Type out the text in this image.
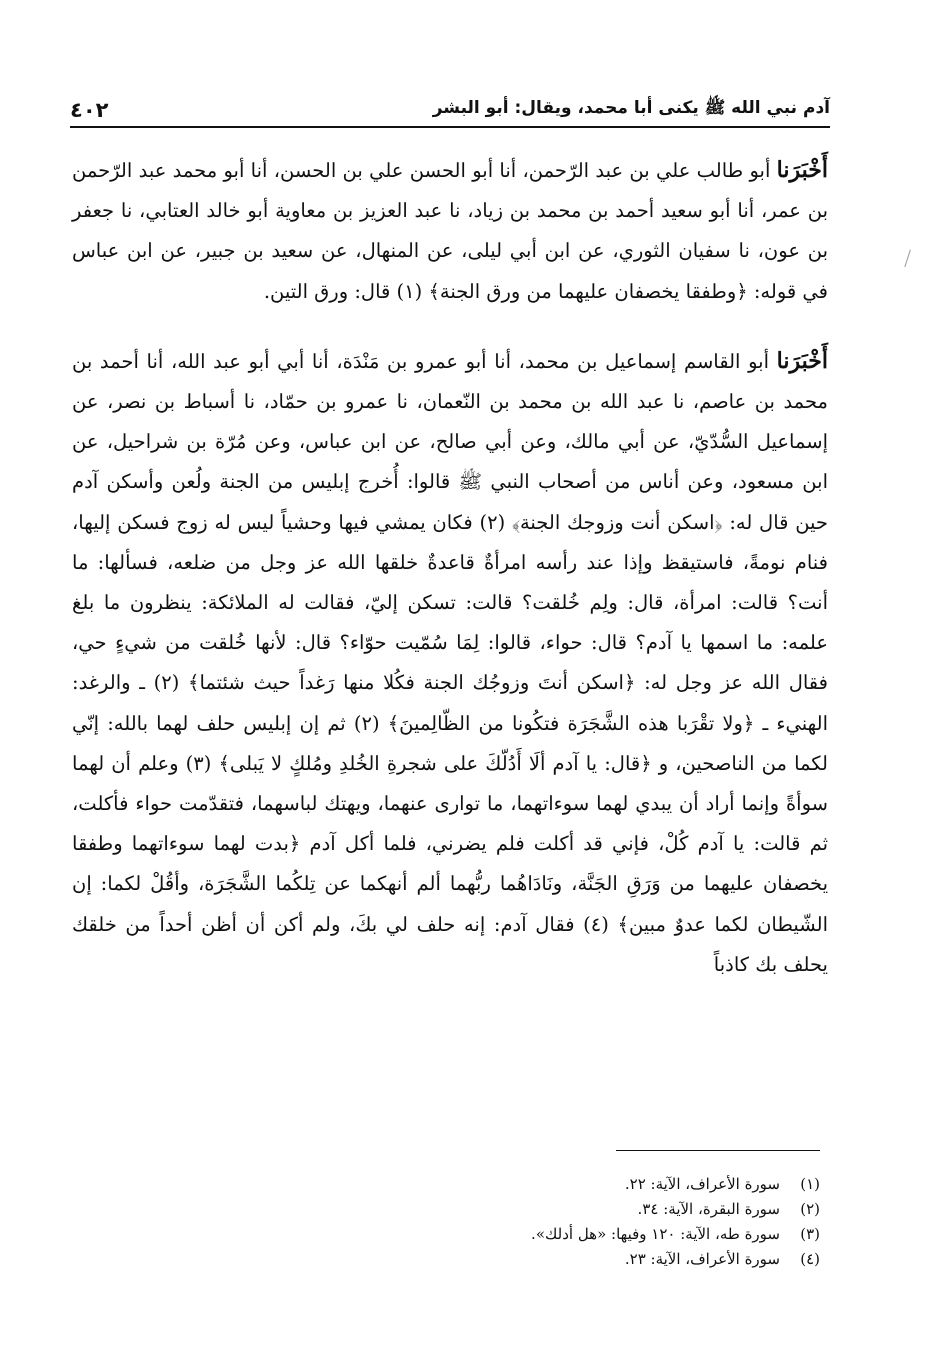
آدم نبي الله ﷺ يكنى أبا محمد، ويقال: أبو البشر
٤٠٢

أَخْبَرَنا أبو طالب علي بن عبد الرّحمن، أنا أبو الحسن علي بن الحسن، أنا أبو محمد عبد الرّحمن بن عمر، أنا أبو سعيد أحمد بن محمد بن زياد، نا عبد العزيز بن معاوية أبو خالد العتابي، نا جعفر بن عون، نا سفيان الثوري، عن ابن أبي ليلى، عن المنهال، عن سعيد بن جبير، عن ابن عباس في قوله: ﴿وطفقا يخصفان عليهما من ورق الجنة﴾ (١) قال: ورق التين.

أَخْبَرَنا أبو القاسم إسماعيل بن محمد، أنا أبو عمرو بن مَنْدَة، أنا أبي أبو عبد الله، أنا أحمد بن محمد بن عاصم، نا عبد الله بن محمد بن النّعمان، نا عمرو بن حمّاد، نا أسباط بن نصر، عن إسماعيل السُّدّيّ، عن أبي مالك، وعن أبي صالح، عن ابن عباس، وعن مُرّة بن شراحيل، عن ابن مسعود، وعن أناس من أصحاب النبي ﷺ قالوا: أُخرج إبليس من الجنة ولُعن وأسكن آدم حين قال له: ﴿اسكن أنت وزوجك الجنة﴾ (٢) فكان يمشي فيها وحشياً ليس له زوج فسكن إليها، فنام نومةً، فاستيقظ وإذا عند رأسه امرأةٌ قاعدةٌ خلقها الله عز وجل من ضلعه، فسألها: ما أنت؟ قالت: امرأة، قال: ولِم خُلقت؟ قالت: تسكن إليّ، فقالت له الملائكة: ينظرون ما بلغ علمه: ما اسمها يا آدم؟ قال: حواء، قالوا: لِمَا سُمّيت حوّاء؟ قال: لأنها خُلقت من شيءٍ حي، فقال الله عز وجل له: ﴿اسكن أنتَ وزوجُك الجنة فكُلا منها رَغداً حيث شئتما﴾ (٢) ـ والرغد: الهنيء ـ ﴿ولا تقْرَبا هذه الشَّجَرَة فتكُونا من الظّالِمينَ﴾ (٢) ثم إن إبليس حلف لهما بالله: إنّي لكما من الناصحين، و ﴿قال: يا آدم ألَا أَدُلّكَ على شجرةِ الخُلدِ ومُلكٍ لا يَبلى﴾ (٣) وعلم أن لهما سوأةً وإنما أراد أن يبدي لهما سوءاتهما، ما توارى عنهما، ويهتك لباسهما، فتقدّمت حواء فأكلت، ثم قالت: يا آدم كُلْ، فإني قد أكلت فلم يضرني، فلما أكل آدم ﴿بدت لهما سوءاتهما وطفقا يخصفان عليهما من وَرَقِ الجَنَّة، ونَادَاهُما ربُّهما ألم أنهكما عن تِلكُما الشَّجَرَة، وأقُلْ لكما: إن الشّيطان لكما عدوٌ مبين﴾ (٤) فقال آدم: إنه حلف لي بكَ، ولم أكن أن أظن أحداً من خلقك يحلف بك كاذباً

(١)سورة الأعراف، الآية: ٢٢.
(٢)سورة البقرة، الآية: ٣٤.
(٣)سورة طه، الآية: ١٢٠ وفيها: «هل أدلك».
(٤)سورة الأعراف، الآية: ٢٣.
